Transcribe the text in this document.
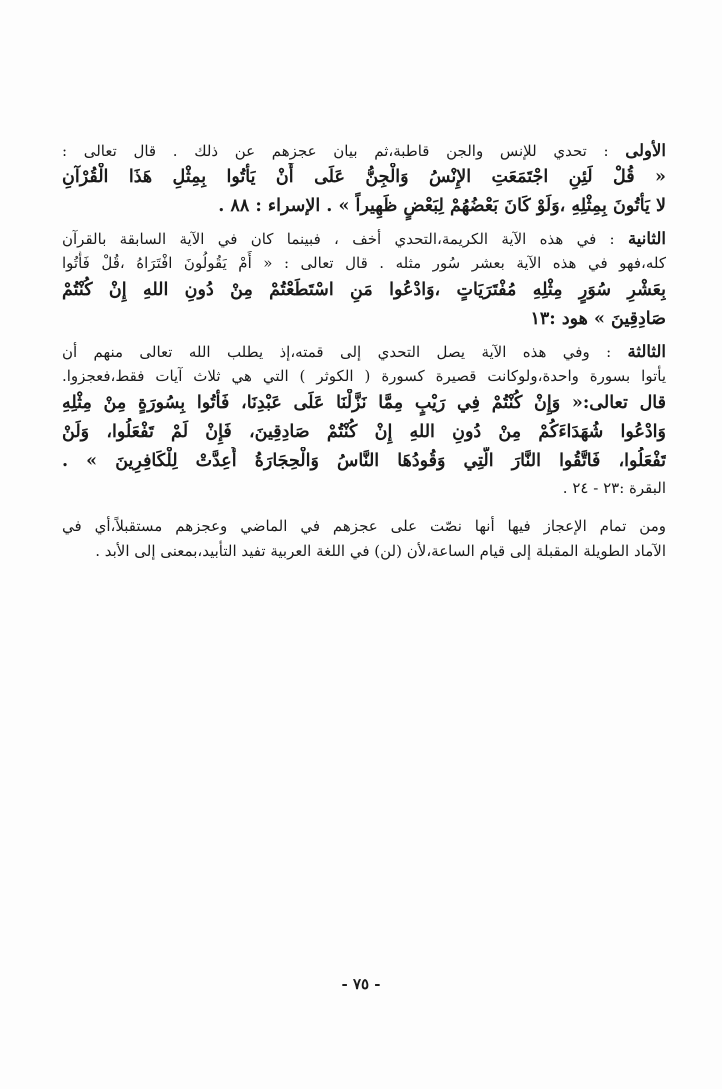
الأولى : تحدي للإنس والجن قاطبة،ثم بيان عجزهم عن ذلك . قال تعالى :
« قُلْ لَئِنِ اجْتَمَعَتِ الإِنْسُ وَالْجِنُّ عَلَى أَنْ يَأْتُوا بِمِثْلِ هَذَا الْقُرْآنِ
لا يَأْتُونَ بِمِثْلِهِ ،وَلَوْ كَانَ بَعْضُهُمْ لِبَعْضٍ ظَهِيراً » . الإسراء : ٨٨ .
الثانية : في هذه الآية الكريمة،التحدي أخف ، فبينما كان في الآية السابقة بالقرآن
كله،فهو في هذه الآية بعشر سُور مثله . قال تعالى : « أَمْ يَقُولُونَ افْتَرَاهُ ،قُلْ فَأْتُوا
بِعَشْرِ سُوَرٍ مِثْلِهِ مُفْتَرَيَاتٍ ،وَادْعُوا مَنِ اسْتَطَعْتُمْ مِنْ دُونِ اللهِ إِنْ كُنْتُمْ
صَادِقِينَ » هود :١٣
الثالثة : وفي هذه الآية يصل التحدي إلى قمته،إذ يطلب الله تعالى منهم أن
يأتوا بسورة واحدة،ولوكانت قصيرة كسورة ( الكوثر ) التي هي ثلاث آيات فقط،فعجزوا.
قال تعالى:« وَإِنْ كُنْتُمْ فِي رَيْبٍ مِمَّا نَزَّلْنَا عَلَى عَبْدِنَا، فَأْتُوا بِسُورَةٍ مِنْ مِثْلِهِ
وَادْعُوا شُهَدَاءَكُمْ مِنْ دُونِ اللهِ إِنْ كُنْتُمْ صَادِقِينَ، فَإِنْ لَمْ تَفْعَلُوا، وَلَنْ
تَفْعَلُوا، فَاتَّقُوا النَّارَ الَّتِي وَقُودُهَا النَّاسُ وَالْحِجَارَةُ أُعِدَّتْ لِلْكَافِرِينَ » .
البقرة :٢٣ - ٢٤ .
ومن تمام الإعجاز فيها أنها نصّت على عجزهم في الماضي وعجزهم مستقبلاً،أي في
الآماد الطويلة المقبلة إلى قيام الساعة،لأن (لن) في اللغة العربية تفيد التأبيد،بمعنى إلى الأبد .
- ٧٥ -
